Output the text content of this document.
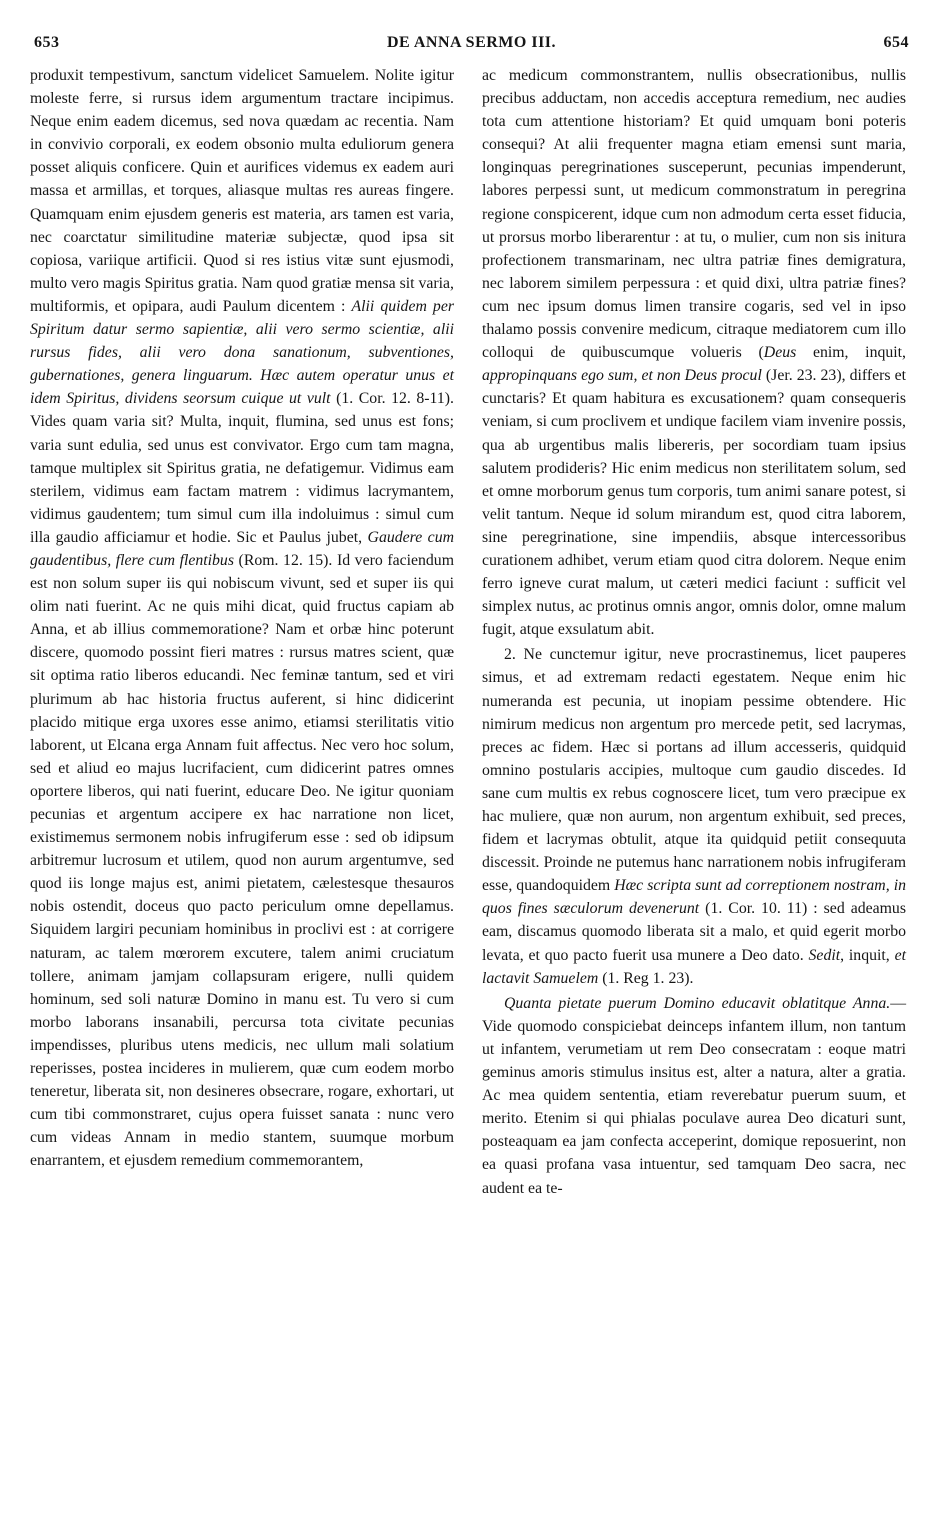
653	DE ANNA SERMO III.	654

produxit tempestivum, sanctum videlicet Samuelem. Nolite igitur moleste ferre, si rursus idem argumentum tractare incipimus. Neque enim eadem dicemus, sed nova quædam ac recentia. Nam in convivio corporali, ex eodem obsonio multa eduliorum genera posset aliquis conficere. Quin et aurifices videmus ex eadem auri massa et armillas, et torques, aliasque multas res aureas fingere. Quamquam enim ejusdem generis est materia, ars tamen est varia, nec coarctatur similitudine materiæ subjectæ, quod ipsa sit copiosa, variique artificii. Quod si res istius vitæ sunt ejusmodi, multo vero magis Spiritus gratia. Nam quod gratiæ mensa sit varia, multiformis, et opipara, audi Paulum dicentem : Alii quidem per Spiritum datur sermo sapientiæ, alii vero sermo scientiæ, alii rursus fides, alii vero dona sanationum, subventiones, gubernationes, genera linguarum. Hæc autem operatur unus et idem Spiritus, dividens seorsum cuique ut vult (1. Cor. 12. 8-11). Vides quam varia sit? Multa, inquit, flumina, sed unus est fons; varia sunt edulia, sed unus est convivator. Ergo cum tam magna, tamque multiplex sit Spiritus gratia, ne defatigemur. Vidimus eam sterilem, vidimus eam factam matrem : vidimus lacrymantem, vidimus gaudentem; tum simul cum illa indoluimus : simul cum illa gaudio afficiamur et hodie. Sic et Paulus jubet, Gaudere cum gaudentibus, flere cum flentibus (Rom. 12. 15). Id vero faciendum est non solum super iis qui nobiscum vivunt, sed et super iis qui olim nati fuerint. Ac ne quis mihi dicat, quid fructus capiam ab Anna, et ab illius commemoratione? Nam et orbæ hinc poterunt discere, quomodo possint fieri matres : rursus matres scient, quæ sit optima ratio liberos educandi. Nec feminæ tantum, sed et viri plurimum ab hac historia fructus auferent, si hinc didicerint placido mitique erga uxores esse animo, etiamsi sterilitatis vitio laborent, ut Elcana erga Annam fuit affectus. Nec vero hoc solum, sed et aliud eo majus lucrifacient, cum didicerint patres omnes oportere liberos, qui nati fuerint, educare Deo. Ne igitur quoniam pecunias et argentum accipere ex hac narratione non licet, existimemus sermonem nobis infrugiferum esse : sed ob idipsum arbitremur lucrosum et utilem, quod non aurum argentumve, sed quod iis longe majus est, animi pietatem, cælestesque thesauros nobis ostendit, doceus quo pacto periculum omne depellamus. Siquidem largiri pecuniam hominibus in proclivi est : at corrigere naturam, ac talem mœrorem excutere, talem animi cruciatum tollere, animam jamjam collapsuram erigere, nulli quidem hominum, sed soli naturæ Domino in manu est. Tu vero si cum morbo laborans insanabili, percursa tota civitate pecunias impendisses, pluribus utens medicis, nec ullum mali solatium reperisses, postea incideres in mulierem, quæ cum eodem morbo teneretur, liberata sit, non desineres obsecrare, rogare, exhortari, ut cum tibi commonstraret, cujus opera fuisset sanata : nunc vero cum videas Annam in medio stantem, suumque morbum enarrantem, et ejusdem remedium commemorantem,

ac medicum commonstrantem, nullis obsecrationibus, nullis precibus adductam, non accedis acceptura remedium, nec audies tota cum attentione historiam? Et quid umquam boni poteris consequi? At alii frequenter magna etiam emensi sunt maria, longinquas peregrinationes susceperunt, pecunias impenderunt, labores perpessi sunt, ut medicum commonstratum in peregrina regione conspicerent, idque cum non admodum certa esset fiducia, ut prorsus morbo liberarentur : at tu, o mulier, cum non sis initura profectionem transmarinam, nec ultra patriæ fines demigratura, nec laborem similem perpessura : et quid dixi, ultra patriæ fines? cum nec ipsum domus limen transire cogaris, sed vel in ipso thalamo possis convenire medicum, citraque mediatorem cum illo colloqui de quibuscumque volueris (Deus enim, inquit, appropinquans ego sum, et non Deus procul (Jer. 23. 23), differs et cunctaris? Et quam habitura es excusationem? quam consequeris veniam, si cum proclivem et undique facilem viam invenire possis, qua ab urgentibus malis libereris, per socordiam tuam ipsius salutem prodideris? Hic enim medicus non sterilitatem solum, sed et omne morborum genus tum corporis, tum animi sanare potest, si velit tantum. Neque id solum mirandum est, quod citra laborem, sine peregrinatione, sine impendiis, absque intercessoribus curationem adhibet, verum etiam quod citra dolorem. Neque enim ferro igneve curat malum, ut cæteri medici faciunt : sufficit vel simplex nutus, ac protinus omnis angor, omnis dolor, omne malum fugit, atque exsulatum abit.

2. Ne cunctemur igitur, neve procrastinemus, licet pauperes simus, et ad extremam redacti egestatem. Neque enim hic numeranda est pecunia, ut inopiam pessime obtendere. Hic nimirum medicus non argentum pro mercede petit, sed lacrymas, preces ac fidem. Hæc si portans ad illum accesseris, quidquid omnino postularis accipies, multoque cum gaudio discedes. Id sane cum multis ex rebus cognoscere licet, tum vero præcipue ex hac muliere, quæ non aurum, non argentum exhibuit, sed preces, fidem et lacrymas obtulit, atque ita quidquid petiit consequuta discessit. Proinde ne putemus hanc narrationem nobis infrugiferam esse, quandoquidem Hæc scripta sunt ad correptionem nostram, in quos fines sæculorum devenerunt (1. Cor. 10. 11) : sed adeamus eam, discamus quomodo liberata sit a malo, et quid egerit morbo levata, et quo pacto fuerit usa munere a Deo dato. Sedit, inquit, et lactavit Samuelem (1. Reg 1. 23).

Quanta pietate puerum Domino educavit oblatitque Anna.—Vide quomodo conspiciebat deinceps infantem illum, non tantum ut infantem, verumetiam ut rem Deo consecratam : eoque matri geminus amoris stimulus insitus est, alter a natura, alter a gratia. Ac mea quidem sententia, etiam reverebatur puerum suum, et merito. Etenim si qui phialas poculave aurea Deo dicaturi sunt, posteaquam ea jam confecta acceperint, domique reposuerint, non ea quasi profana vasa intuentur, sed tamquam Deo sacra, nec audent ea te-
